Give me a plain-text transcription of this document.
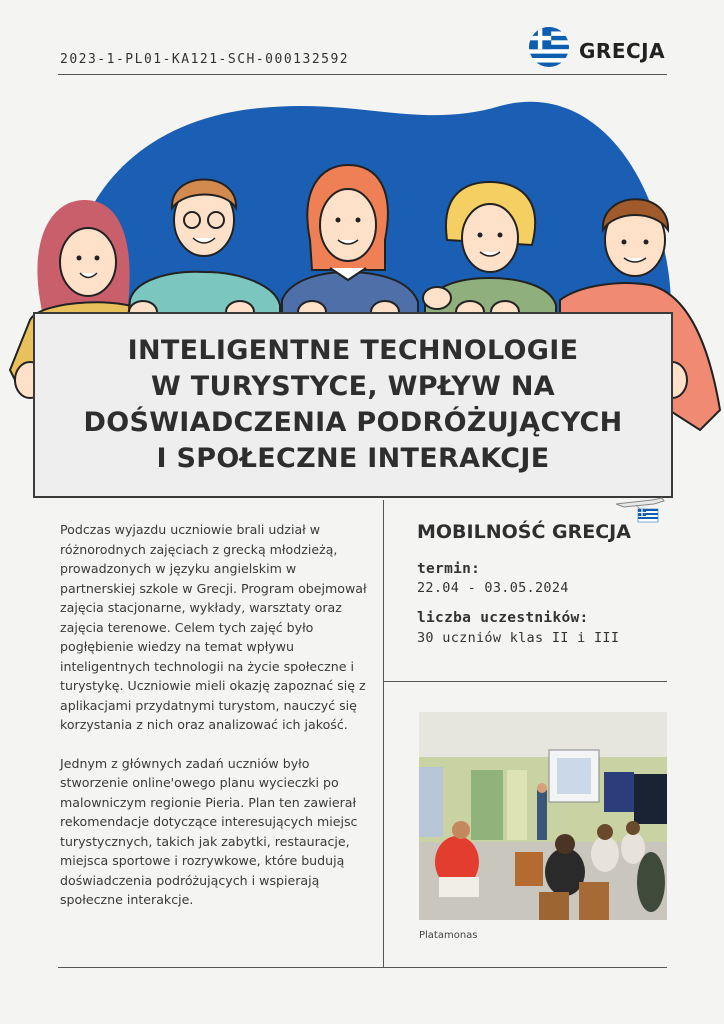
2023-1-PL01-KA121-SCH-000132592	GRECJA
INTELIGENTNE TECHNOLOGIE
W TURYSTYCE, WPŁYW NA
DOŚWIADCZENIA PODRÓŻUJĄCYCH
I SPOŁECZNE INTERAKCJE

Podczas wyjazdu uczniowie brali udział w różnorodnych zajęciach z grecką młodzieżą, prowadzonych w języku angielskim w partnerskiej szkole w Grecji. Program obejmował zajęcia stacjonarne, wykłady, warsztaty oraz zajęcia terenowe. Celem tych zajęć było pogłębienie wiedzy na temat wpływu inteligentnych technologii na życie społeczne i turystykę. Uczniowie mieli okazję zapoznać się z aplikacjami przydatnymi turystom, nauczyć się korzystania z nich oraz analizować ich jakość.

Jednym z głównych zadań uczniów było stworzenie online'owego planu wycieczki po malowniczym regionie Pieria. Plan ten zawierał rekomendacje dotyczące interesujących miejsc turystycznych, takich jak zabytki, restauracje, miejsca sportowe i rozrywkowe, które budują doświadczenia podróżujących i wspierają społeczne interakcje.

MOBILNOŚĆ GRECJA
termin:
22.04 - 03.05.2024
liczba uczestników:
30 uczniów klas II i III
Platamonas
